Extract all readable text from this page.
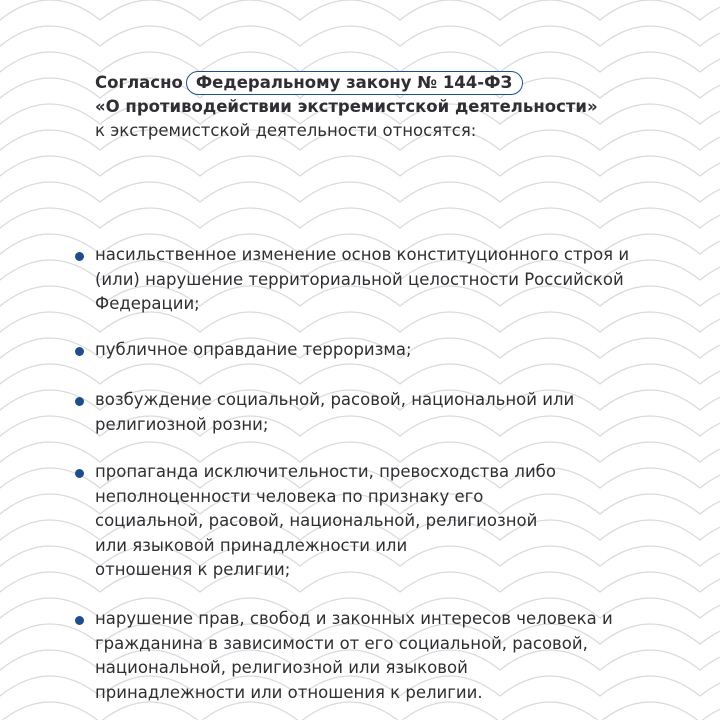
Согласно Федеральному закону № 144-ФЗ
«О противодействии экстремистской деятельности»
к экстремистской деятельности относятся:

насильственное изменение основ конституционного строя и
(или) нарушение территориальной целостности Российской
Федерации;

публичное оправдание терроризма;

возбуждение социальной, расовой, национальной или
религиозной розни;

пропаганда исключительности, превосходства либо
неполноценности человека по признаку его
социальной, расовой, национальной, религиозной
или языковой принадлежности или
отношения к религии;

нарушение прав, свобод и законных интересов человека и
гражданина в зависимости от его социальной, расовой,
национальной, религиозной или языковой
принадлежности или отношения к религии.
